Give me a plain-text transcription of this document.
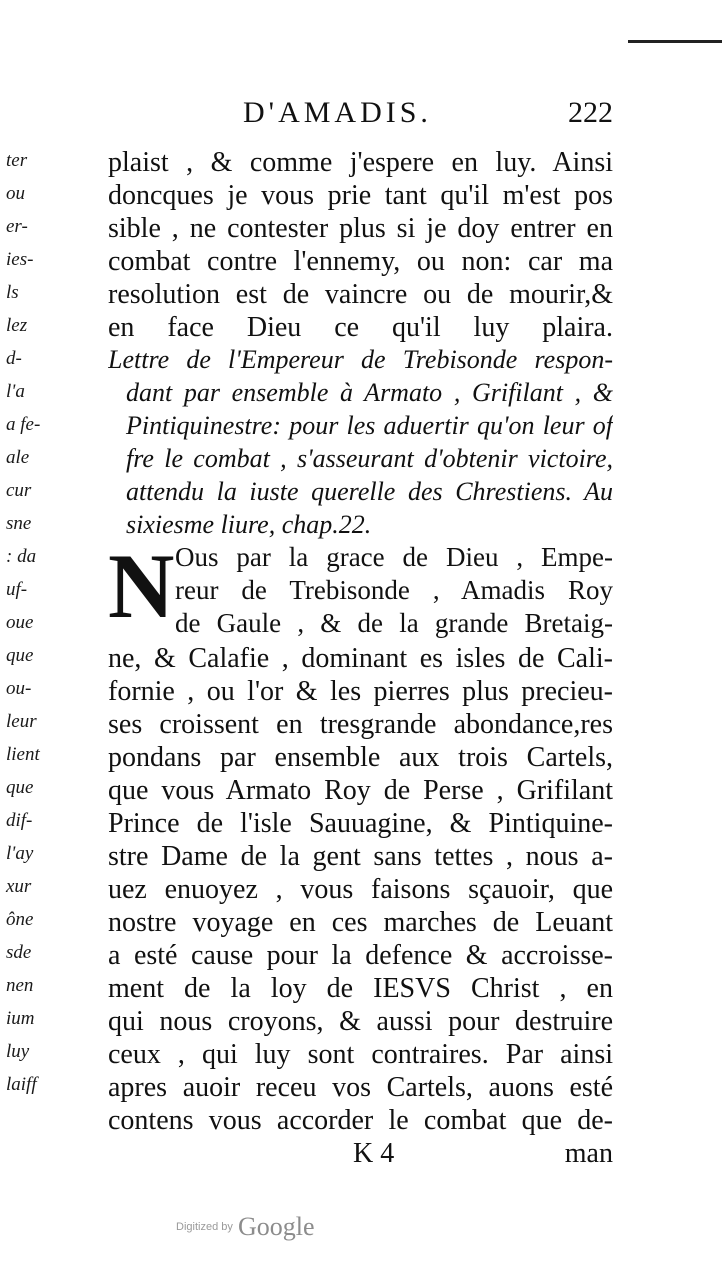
ter
ou
er-
ies-
ls
lez
d-
l'a
a fe-
ale
cur
sne
: da
uf-
oue
que
ou-
leur
lient
que
dif-
l'ay
xur
ône
sde
nen
ium
luy
laiff
D'AMADIS.	222
plaist , & comme j'espere en luy. Ainsi
doncques je vous prie tant qu'il m'est pos
sible , ne contester plus si je doy entrer en
combat contre l'ennemy, ou non: car ma
resolution est de vaincre ou de mourir,&
en face Dieu ce qu'il luy plaira.
Lettre de l'Empereur de Trebisonde respon-
dant par ensemble à Armato , Grifilant , &
Pintiquinestre: pour les aduertir qu'on leur of
fre le combat , s'asseurant d'obtenir victoire,
attendu la iuste querelle des Chrestiens. Au
sixiesme liure, chap.22.
N Ous par la grace de Dieu , Empe-
reur de Trebisonde , Amadis Roy
de Gaule , & de la grande Bretaig-
ne, & Calafie , dominant es isles de Cali-
fornie , ou l'or & les pierres plus precieu-
ses croissent en tresgrande abondance,res
pondans par ensemble aux trois Cartels,
que vous Armato Roy de Perse , Grifilant
Prince de l'isle Sauuagine, & Pintiquine-
stre Dame de la gent sans tettes , nous a-
uez enuoyez , vous faisons sçauoir, que
nostre voyage en ces marches de Leuant
a esté cause pour la defence & accroisse-
ment de la loy de IESVS Christ , en
qui nous croyons, & aussi pour destruire
ceux , qui luy sont contraires. Par ainsi
apres auoir receu vos Cartels, auons esté
contens vous accorder le combat que de-
K 4	man
Digitized by Google
